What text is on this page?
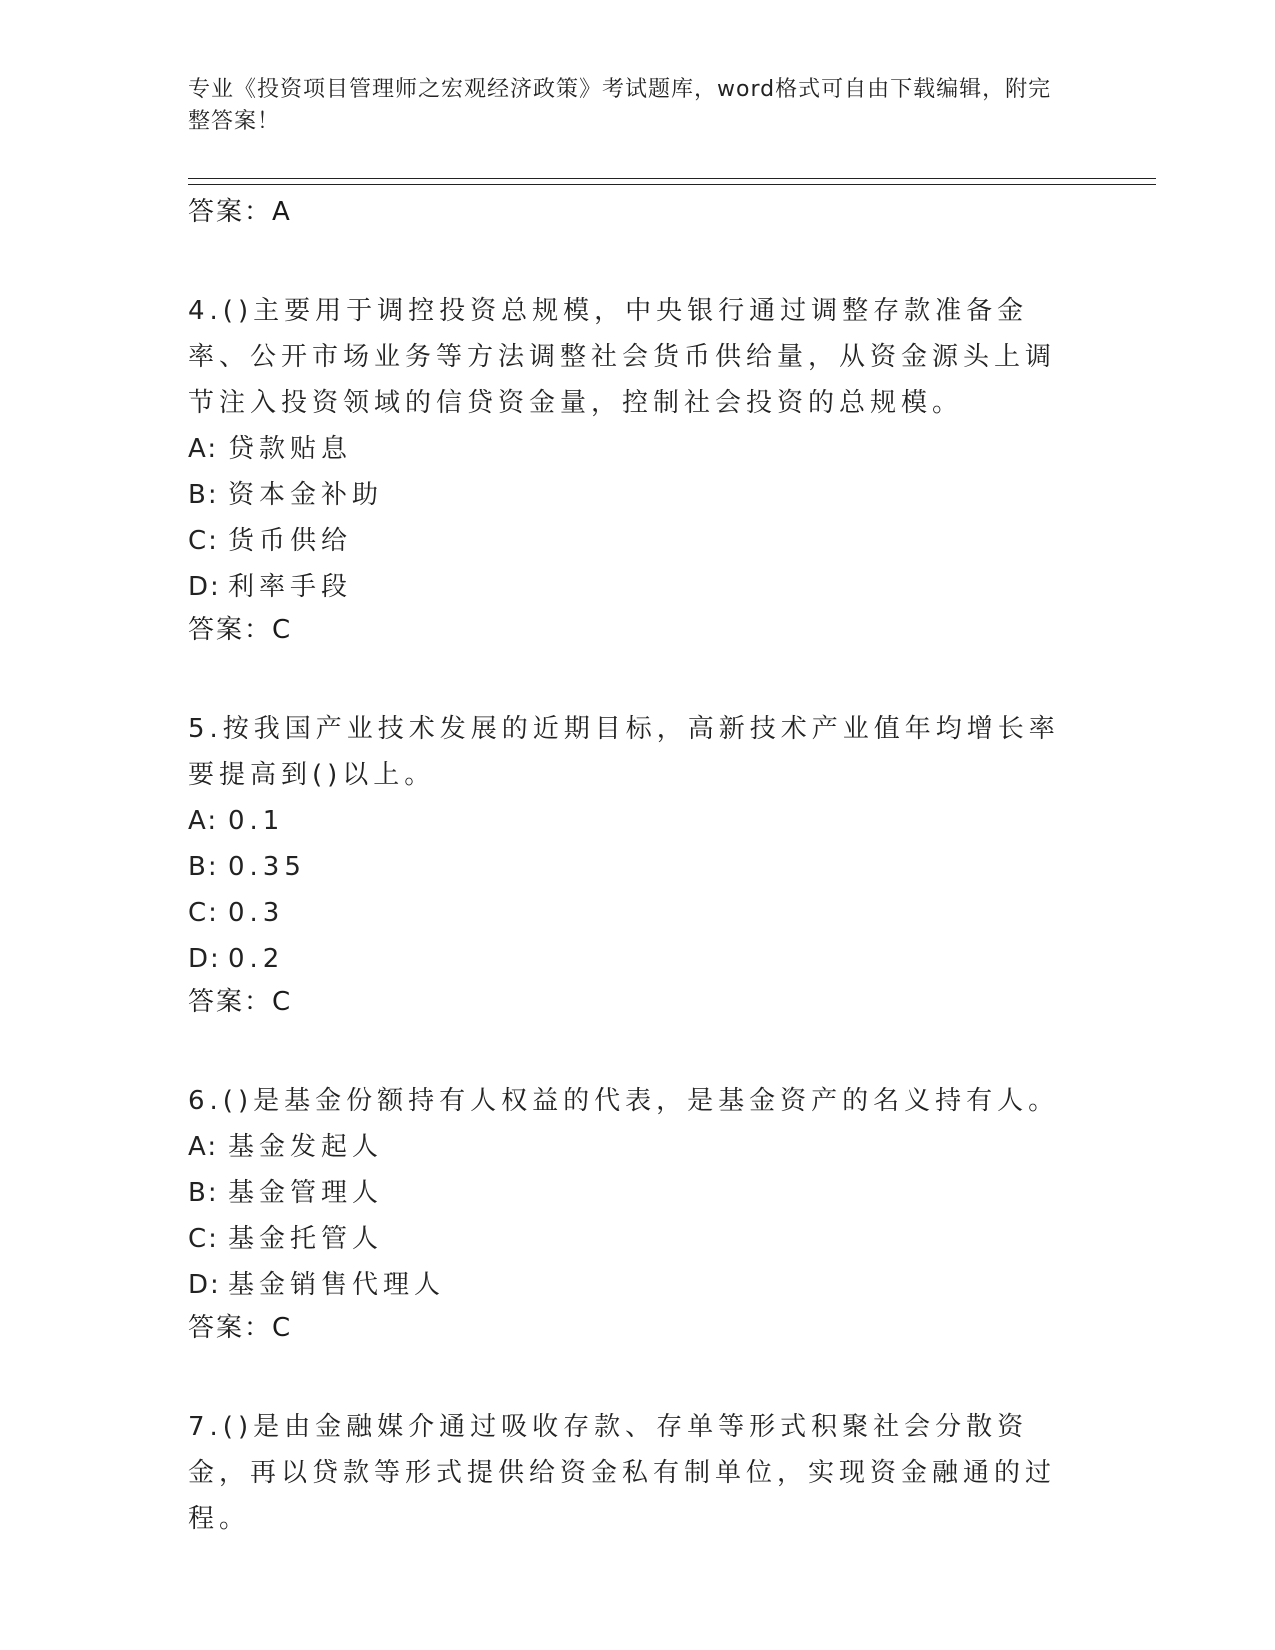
专业《投资项目管理师之宏观经济政策》考试题库，word格式可自由下载编辑，附完整答案！
答案：A
4.()主要用于调控投资总规模，中央银行通过调整存款准备金率、公开市场业务等方法调整社会货币供给量，从资金源头上调节注入投资领域的信贷资金量，控制社会投资的总规模。
A: 贷款贴息
B: 资本金补助
C: 货币供给
D: 利率手段
答案：C
5.按我国产业技术发展的近期目标，高新技术产业值年均增长率要提高到()以上。
A: 0.1
B: 0.35
C: 0.3
D: 0.2
答案：C
6.()是基金份额持有人权益的代表，是基金资产的名义持有人。
A: 基金发起人
B: 基金管理人
C: 基金托管人
D: 基金销售代理人
答案：C
7.()是由金融媒介通过吸收存款、存单等形式积聚社会分散资金，再以贷款等形式提供给资金私有制单位，实现资金融通的过程。
